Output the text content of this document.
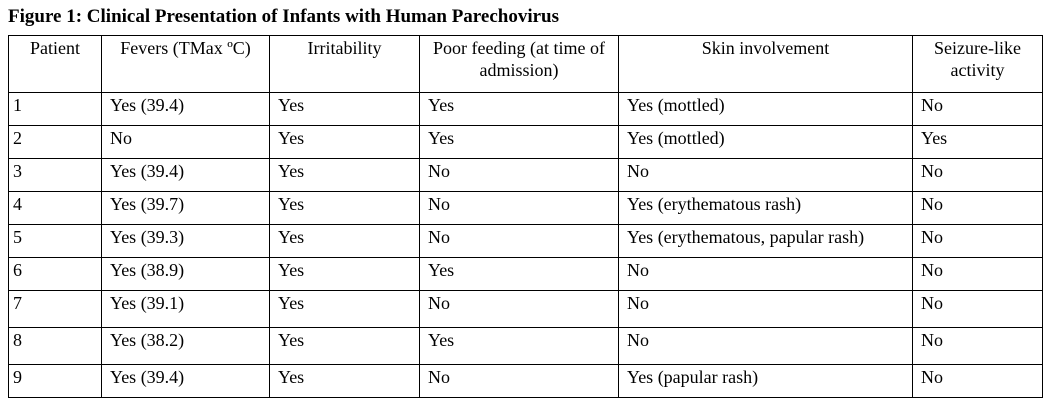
Figure 1: Clinical Presentation of Infants with Human Parechovirus
Patient	Fevers (TMax ºC)	Irritability	Poor feeding (at time of admission)	Skin involvement	Seizure-like activity
1	Yes (39.4)	Yes	Yes	Yes (mottled)	No
2	No	Yes	Yes	Yes (mottled)	Yes
3	Yes (39.4)	Yes	No	No	No
4	Yes (39.7)	Yes	No	Yes (erythematous rash)	No
5	Yes (39.3)	Yes	No	Yes (erythematous, papular rash)	No
6	Yes (38.9)	Yes	Yes	No	No
7	Yes (39.1)	Yes	No	No	No
8	Yes (38.2)	Yes	Yes	No	No
9	Yes (39.4)	Yes	No	Yes (papular rash)	No
